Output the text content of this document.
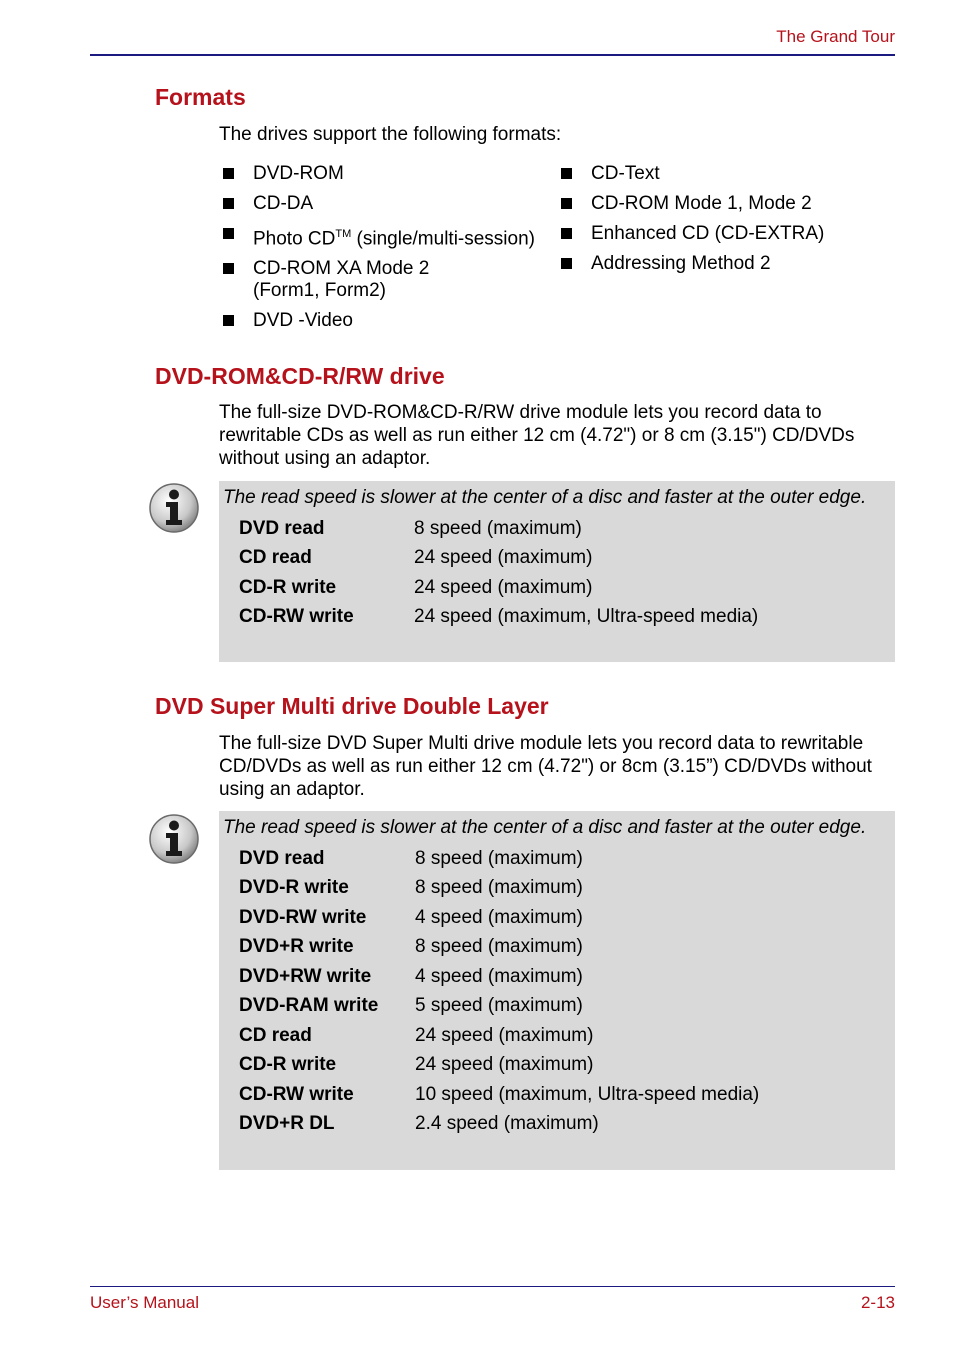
The Grand Tour
Formats
The drives support the following formats:
DVD-ROM
CD-DA
Photo CD™ (single/multi-session)
CD-ROM XA Mode 2
(Form1, Form2)
DVD -Video
CD-Text
CD-ROM Mode 1, Mode 2
Enhanced CD (CD-EXTRA)
Addressing Method 2
DVD-ROM&CD-R/RW drive
The full-size DVD-ROM&CD-R/RW drive module lets you record data to rewritable CDs as well as run either 12 cm (4.72") or 8 cm (3.15") CD/DVDs without using an adaptor.
The read speed is slower at the center of a disc and faster at the outer edge.
DVD read	8 speed (maximum)
CD read	24 speed (maximum)
CD-R write	24 speed (maximum)
CD-RW write	24 speed (maximum, Ultra-speed media)
DVD Super Multi drive Double Layer
The full-size DVD Super Multi drive module lets you record data to rewritable CD/DVDs as well as run either 12 cm (4.72") or 8cm (3.15”) CD/DVDs without using an adaptor.
The read speed is slower at the center of a disc and faster at the outer edge.
DVD read	8 speed (maximum)
DVD-R write	8 speed (maximum)
DVD-RW write	4 speed (maximum)
DVD+R write	8 speed (maximum)
DVD+RW write	4 speed (maximum)
DVD-RAM write	5 speed (maximum)
CD read	24 speed (maximum)
CD-R write	24 speed (maximum)
CD-RW write	10 speed (maximum, Ultra-speed media)
DVD+R DL	2.4 speed (maximum)
User’s Manual	2-13
